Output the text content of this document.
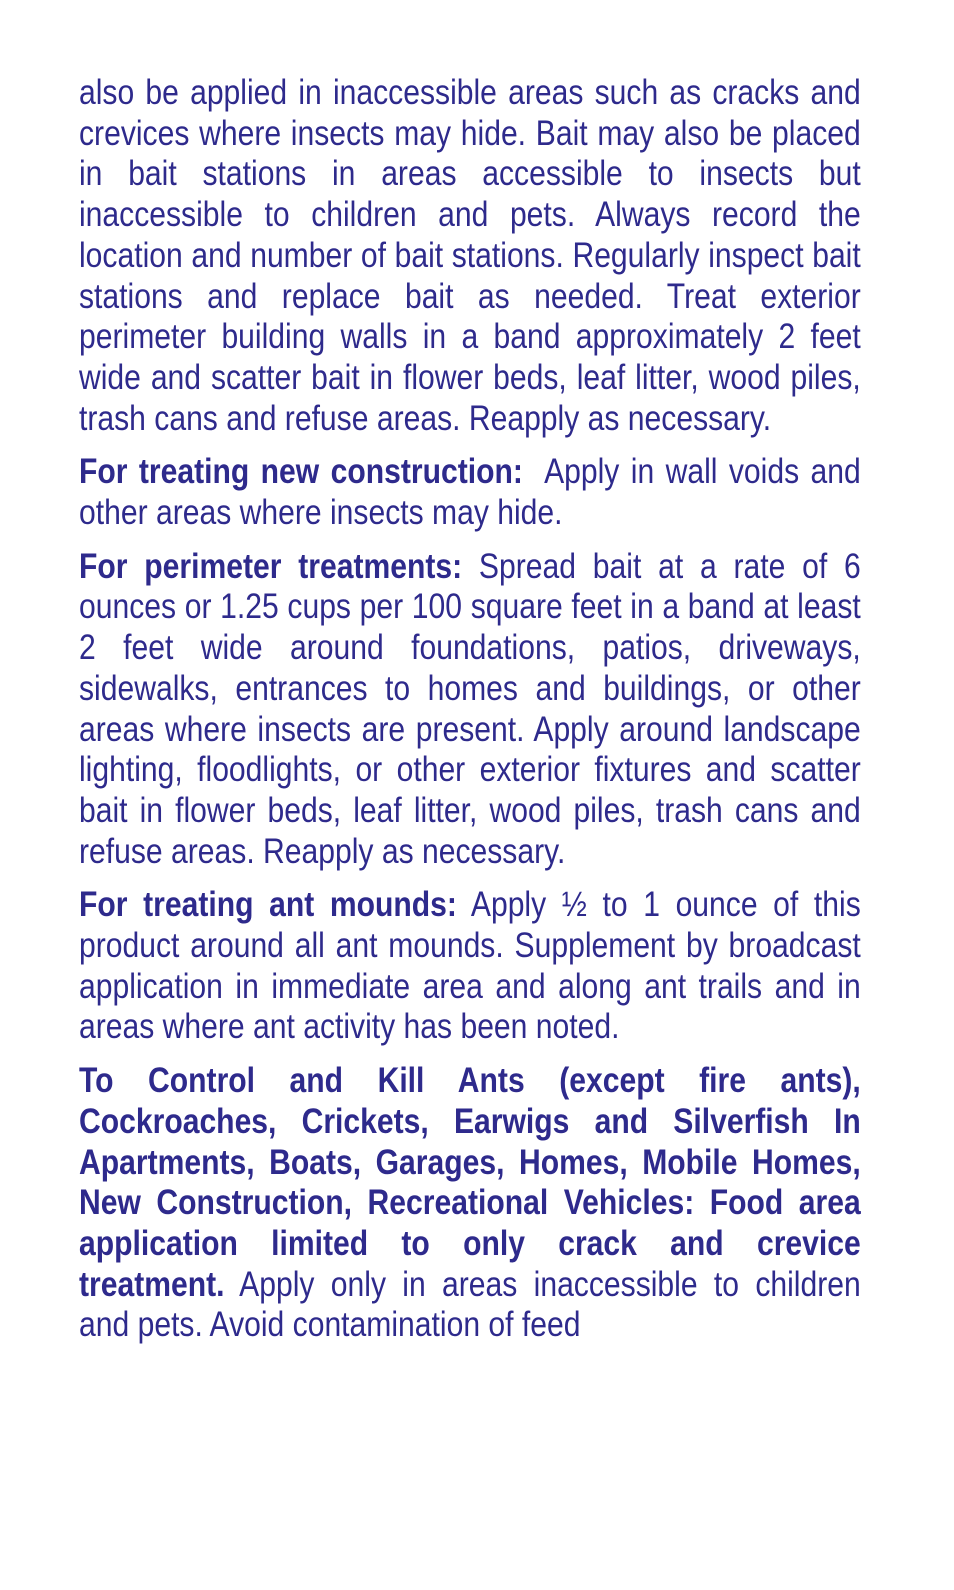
also be applied in inaccessible areas such as cracks and crevices where insects may hide. Bait may also be placed in bait stations in areas accessible to insects but inaccessible to children and pets. Always record the location and number of bait stations. Regularly inspect bait stations and replace bait as needed. Treat exterior perimeter building walls in a band approximately 2 feet wide and scatter bait in flower beds, leaf litter, wood piles, trash cans and refuse areas. Reapply as necessary.

For treating new construction:  Apply in wall voids and other areas where insects may hide.

For perimeter treatments: Spread bait at a rate of 6 ounces or 1.25 cups per 100 square feet in a band at least 2 feet wide around foundations, patios, driveways, sidewalks, entrances to homes and buildings, or other areas where insects are present. Apply around landscape lighting, floodlights, or other exterior fixtures and scatter bait in flower beds, leaf litter, wood piles, trash cans and refuse areas. Reapply as necessary.

For treating ant mounds: Apply ½ to 1 ounce of this product around all ant mounds. Supplement by broadcast application in immediate area and along ant trails and in areas where ant activity has been noted.

To Control and Kill Ants (except fire ants), Cockroaches, Crickets, Earwigs and Silverfish In Apartments, Boats, Garages, Homes, Mobile Homes, New Construction, Recreational Vehicles: Food area application limited to only crack and crevice treatment. Apply only in areas inaccessible to children and pets. Avoid contamination of feed
